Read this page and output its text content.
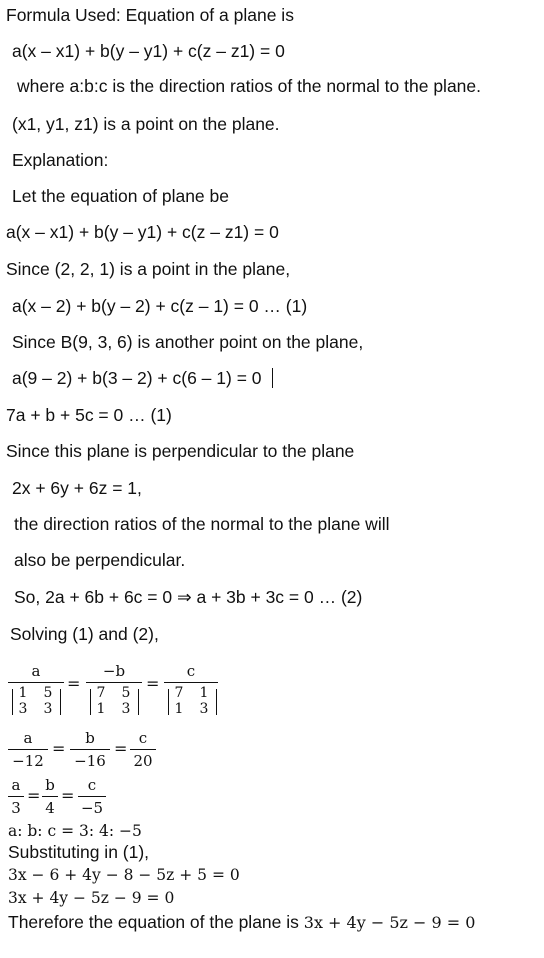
Formula Used: Equation of a plane is
a(x – x1) + b(y – y1) + c(z – z1) = 0
where a:b:c is the direction ratios of the normal to the plane.
(x1, y1, z1) is a point on the plane.
Explanation:
Let the equation of plane be
a(x – x1) + b(y – y1) + c(z – z1) = 0
Since (2, 2, 1) is a point in the plane,
a(x – 2) + b(y – 2) + c(z – 1) = 0 … (1)
Since B(9, 3, 6) is another point on the plane,
a(9 – 2) + b(3 – 2) + c(6 – 1) = 0
7a + b + 5c = 0 … (1)
Since this plane is perpendicular to the plane
2x + 6y + 6z = 1,
the direction ratios of the normal to the plane will
also be perpendicular.
So, 2a + 6b + 6c = 0 ⇒ a + 3b + 3c = 0 … (2)
Solving (1) and (2),
a
1 5
3 3
=
−b
7 5
1 3
=
c
7 1
1 3
a
−12
=
b
−16
=
c
20
a
3
=
b
4
=
c
−5
a: b: c = 3: 4: −5
Substituting in (1),
3x − 6 + 4y − 8 − 5z + 5 = 0
3x + 4y − 5z − 9 = 0
Therefore the equation of the plane is 3x + 4y − 5z − 9 = 0
